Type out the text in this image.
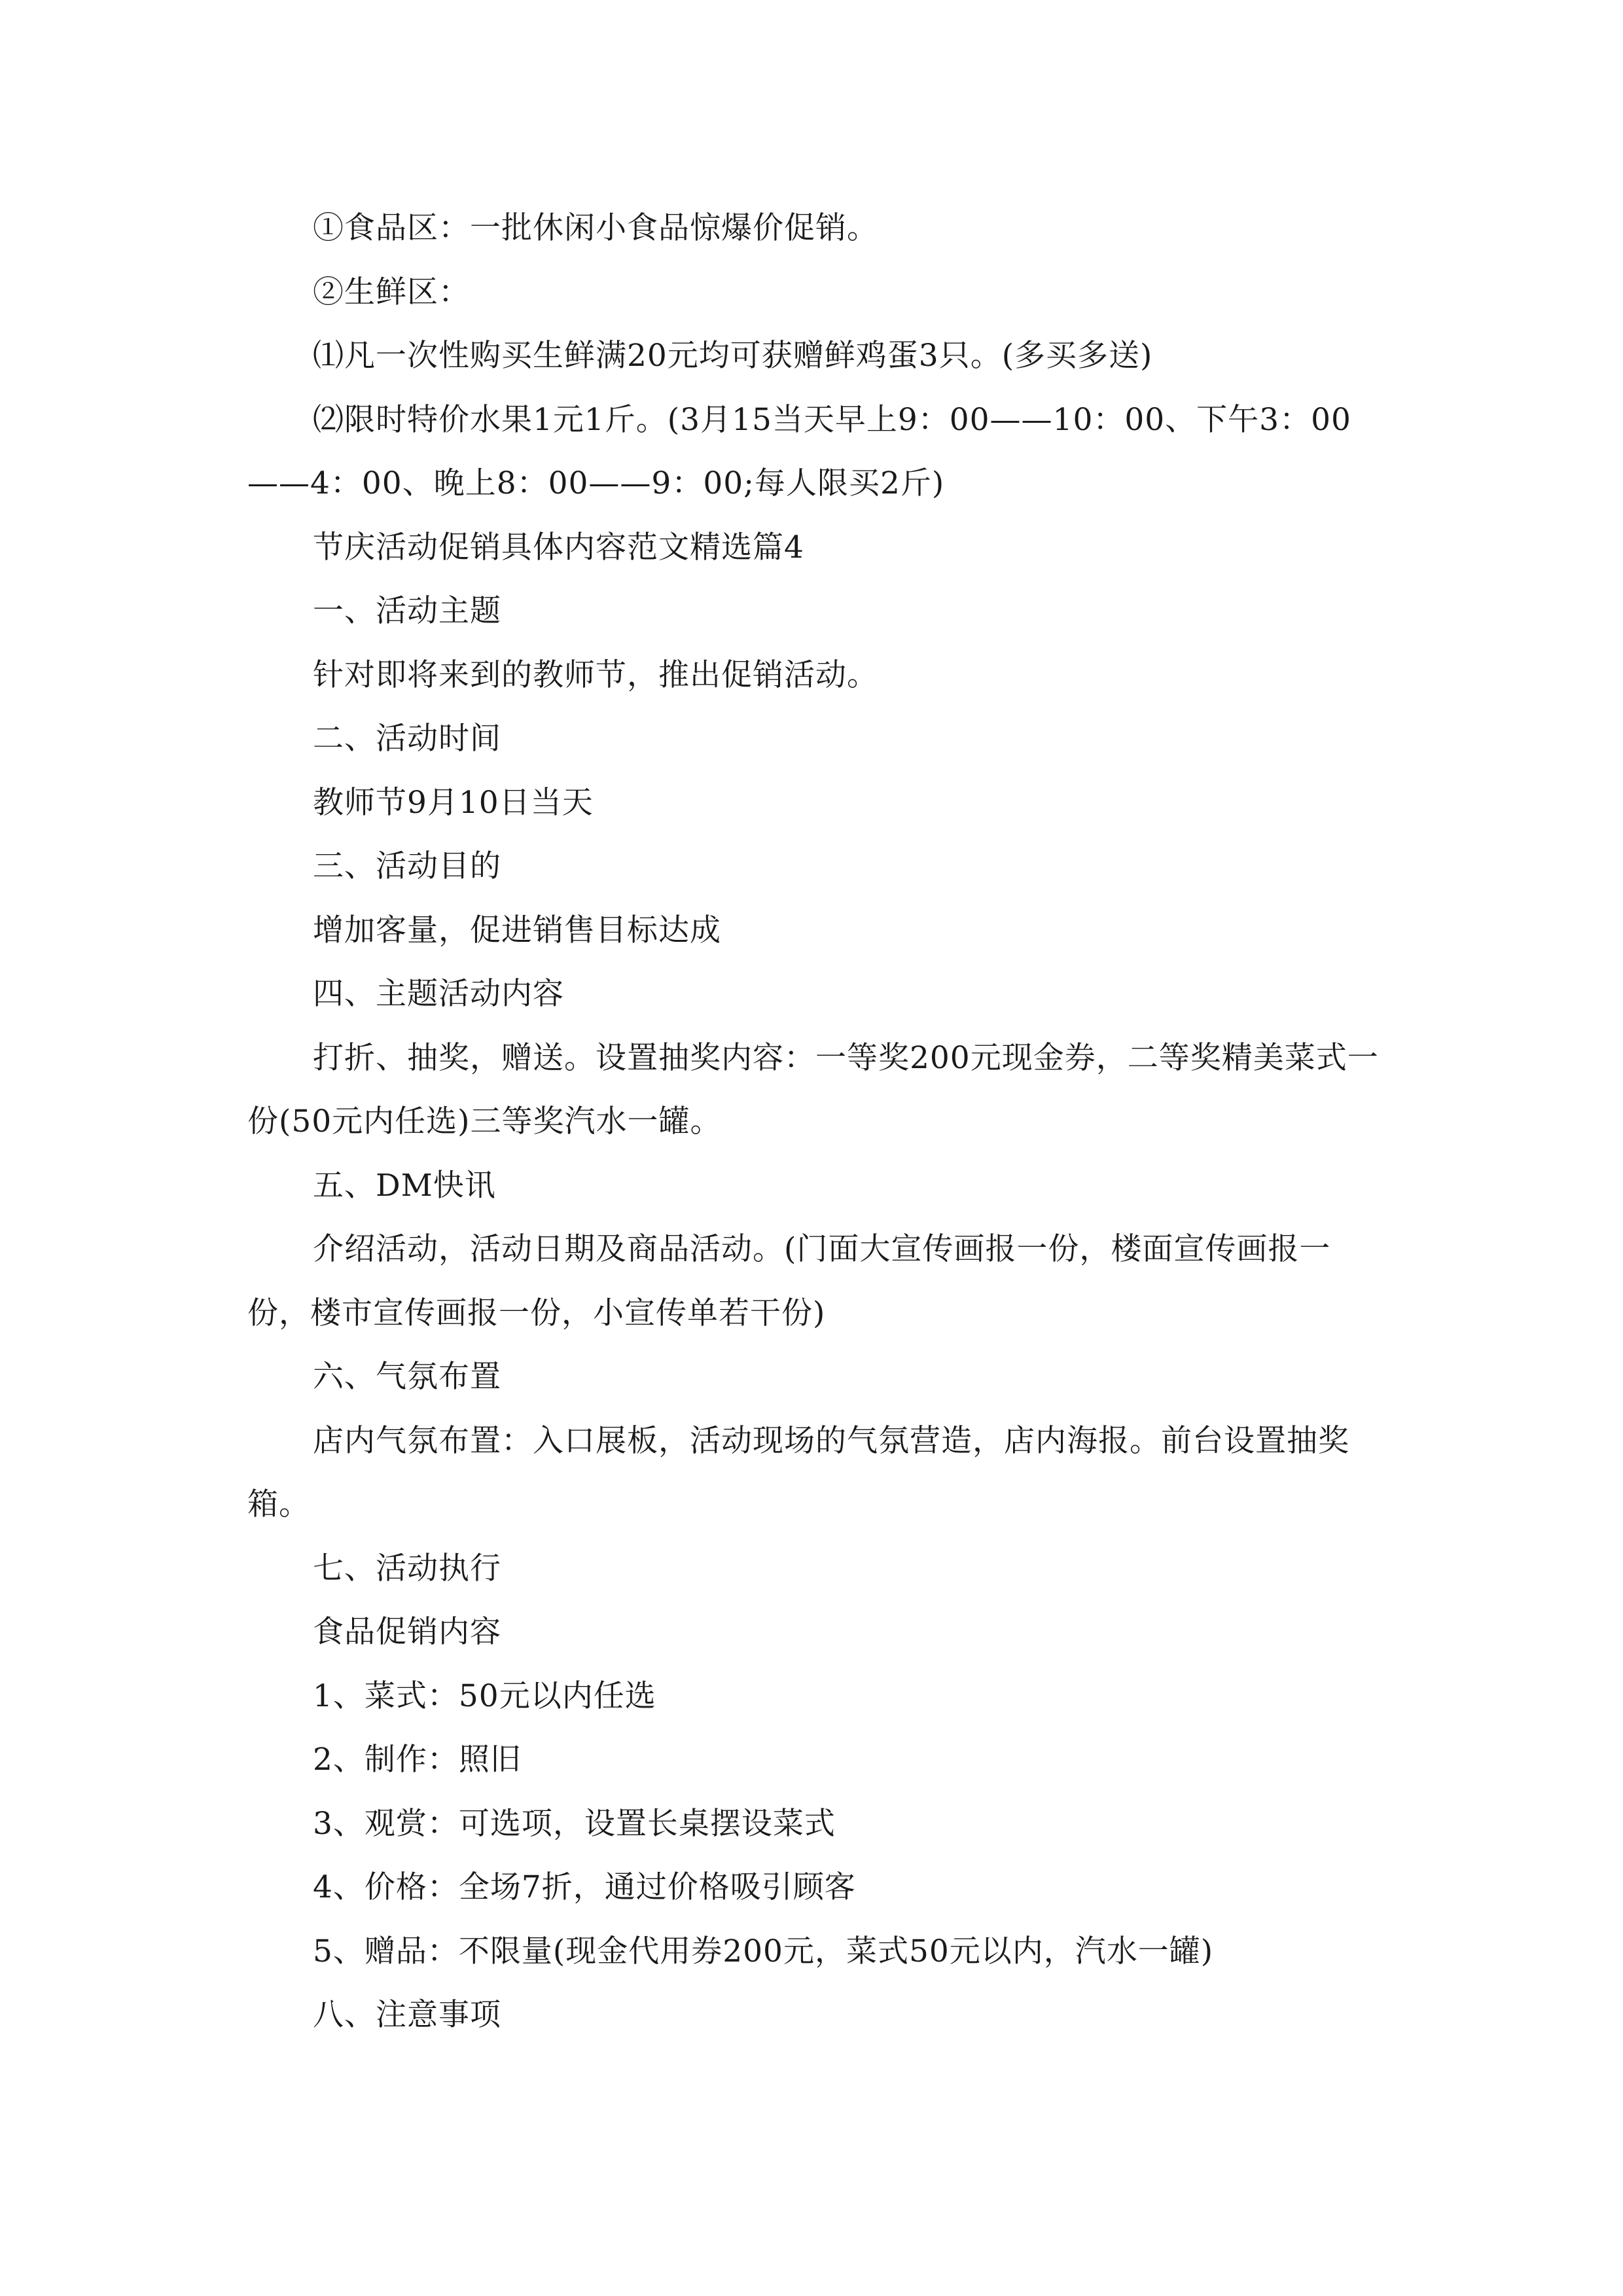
①食品区：一批休闲小食品惊爆价促销。

②生鲜区：

⑴凡一次性购买生鲜满20元均可获赠鲜鸡蛋3只。(多买多送)

⑵限时特价水果1元1斤。(3月15当天早上9：00——10：00、下午3：00——4：00、晚上8：00——9：00;每人限买2斤)

节庆活动促销具体内容范文精选篇4

一、活动主题

针对即将来到的教师节，推出促销活动。

二、活动时间

教师节9月10日当天

三、活动目的

增加客量，促进销售目标达成

四、主题活动内容

打折、抽奖，赠送。设置抽奖内容：一等奖200元现金券，二等奖精美菜式一份(50元内任选)三等奖汽水一罐。

五、DM快讯

介绍活动，活动日期及商品活动。(门面大宣传画报一份，楼面宣传画报一份，楼市宣传画报一份，小宣传单若干份)

六、气氛布置

店内气氛布置：入口展板，活动现场的气氛营造，店内海报。前台设置抽奖箱。

七、活动执行

食品促销内容

1、菜式：50元以内任选

2、制作：照旧

3、观赏：可选项，设置长桌摆设菜式

4、价格：全场7折，通过价格吸引顾客

5、赠品：不限量(现金代用券200元，菜式50元以内，汽水一罐)

八、注意事项
